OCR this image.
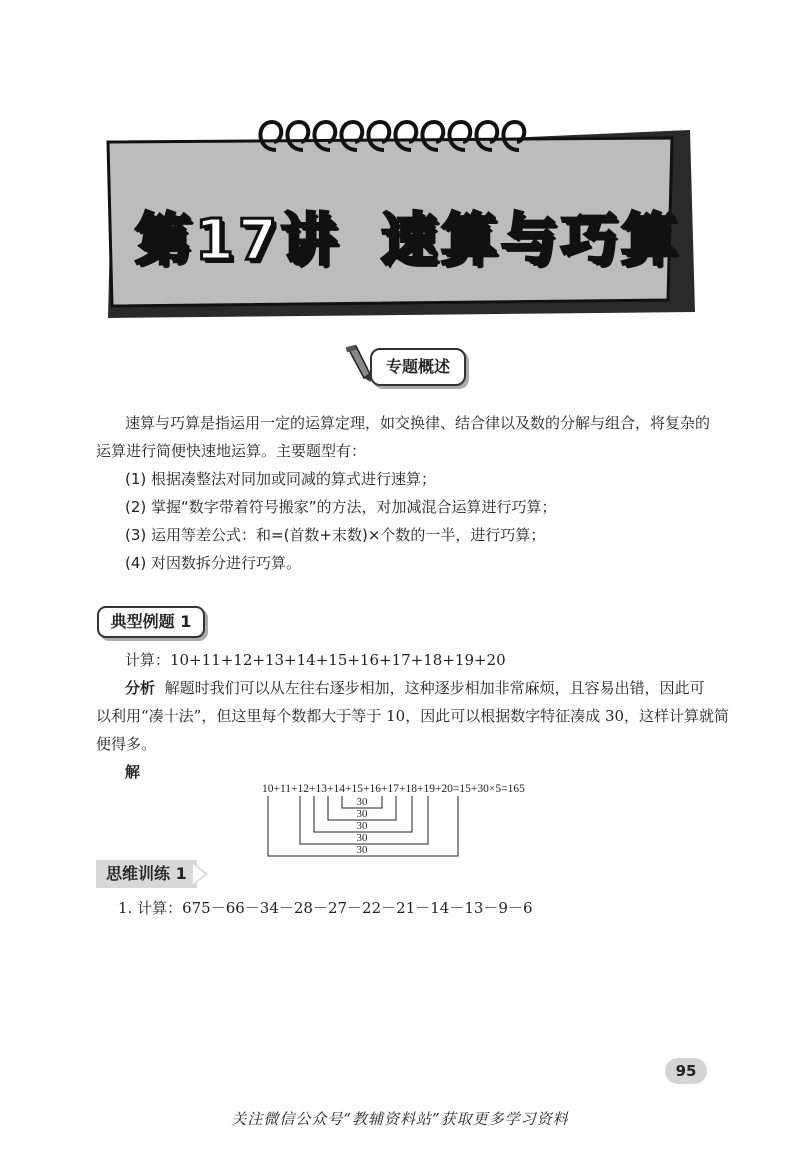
第17讲 速算与巧算
专题概述
速算与巧算是指运用一定的运算定理，如交换律、结合律以及数的分解与组合，将复杂的
运算进行简便快速地运算。主要题型有：
(1) 根据凑整法对同加或同减的算式进行速算；
(2) 掌握“数字带着符号搬家”的方法，对加减混合运算进行巧算；
(3) 运用等差公式：和=(首数+末数)×个数的一半，进行巧算；
(4) 对因数拆分进行巧算。
典型例题 1
计算：10+11+12+13+14+15+16+17+18+19+20
分析 解题时我们可以从左往右逐步相加，这种逐步相加非常麻烦，且容易出错，因此可
以利用“凑十法”，但这里每个数都大于等于 10，因此可以根据数字特征凑成 30，这样计算就简
便得多。
解
10+11+12+13+14+15+16+17+18+19+20=15+30×5=165
30
30
30
30
30
思维训练 1
1. 计算：675－66－34－28－27－22－21－14－13－9－6
95
关注微信公众号“教辅资料站”获取更多学习资料
